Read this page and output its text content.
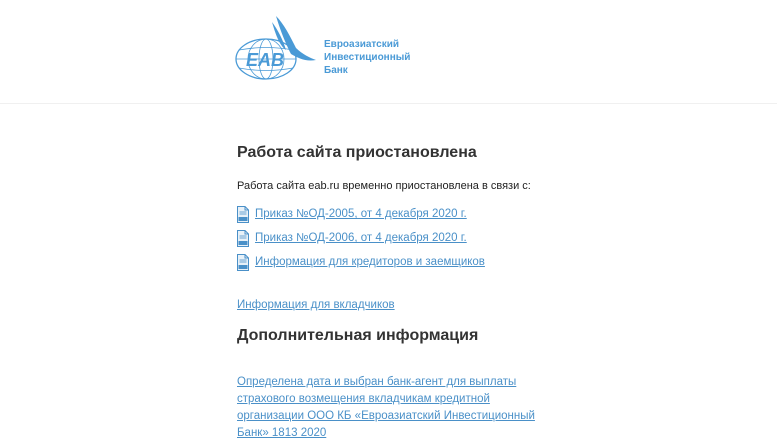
EAB
Евроазиатский
Инвестиционный
Банк
Работа сайта приостановлена
Работа сайта eab.ru временно приостановлена в связи с:
Приказ №ОД-2005, от 4 декабря 2020 г.
Приказ №ОД-2006, от 4 декабря 2020 г.
Информация для кредиторов и заемщиков
Информация для вкладчиков
Дополнительная информация
Определена дата и выбран банк-агент для выплаты страхового возмещения вкладчикам кредитной организации ООО КБ «Евроазиатский Инвестиционный Банк» 1813 2020
